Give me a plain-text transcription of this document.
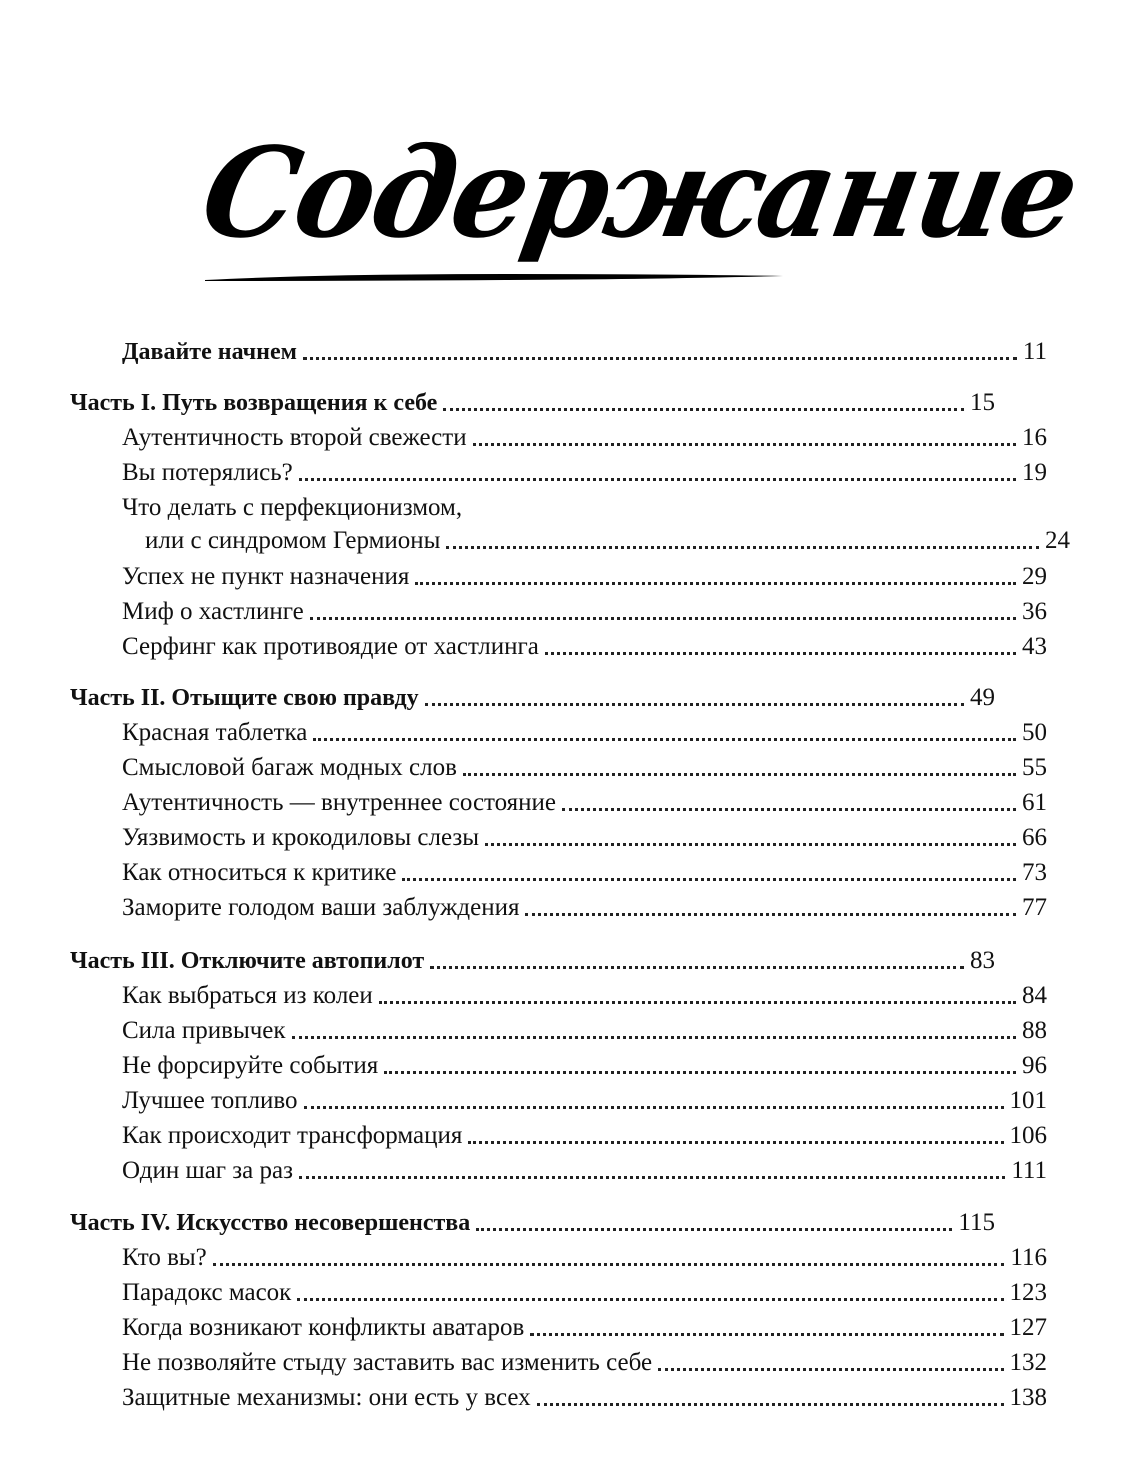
Содержание
Давайте начнем	11
Часть I. Путь возвращения к себе	15
Аутентичность второй свежести	16
Вы потерялись?	19
Что делать с перфекционизмом,
или с синдромом Гермионы	24
Успех не пункт назначения	29
Миф о хастлинге	36
Серфинг как противоядие от хастлинга	43
Часть II. Отыщите свою правду	49
Красная таблетка	50
Смысловой багаж модных слов	55
Аутентичность — внутреннее состояние	61
Уязвимость и крокодиловы слезы	66
Как относиться к критике	73
Заморите голодом ваши заблуждения	77
Часть III. Отключите автопилот	83
Как выбраться из колеи	84
Сила привычек	88
Не форсируйте события	96
Лучшее топливо	101
Как происходит трансформация	106
Один шаг за раз	111
Часть IV. Искусство несовершенства	115
Кто вы?	116
Парадокс масок	123
Когда возникают конфликты аватаров	127
Не позволяйте стыду заставить вас изменить себе	132
Защитные механизмы: они есть у всех	138
